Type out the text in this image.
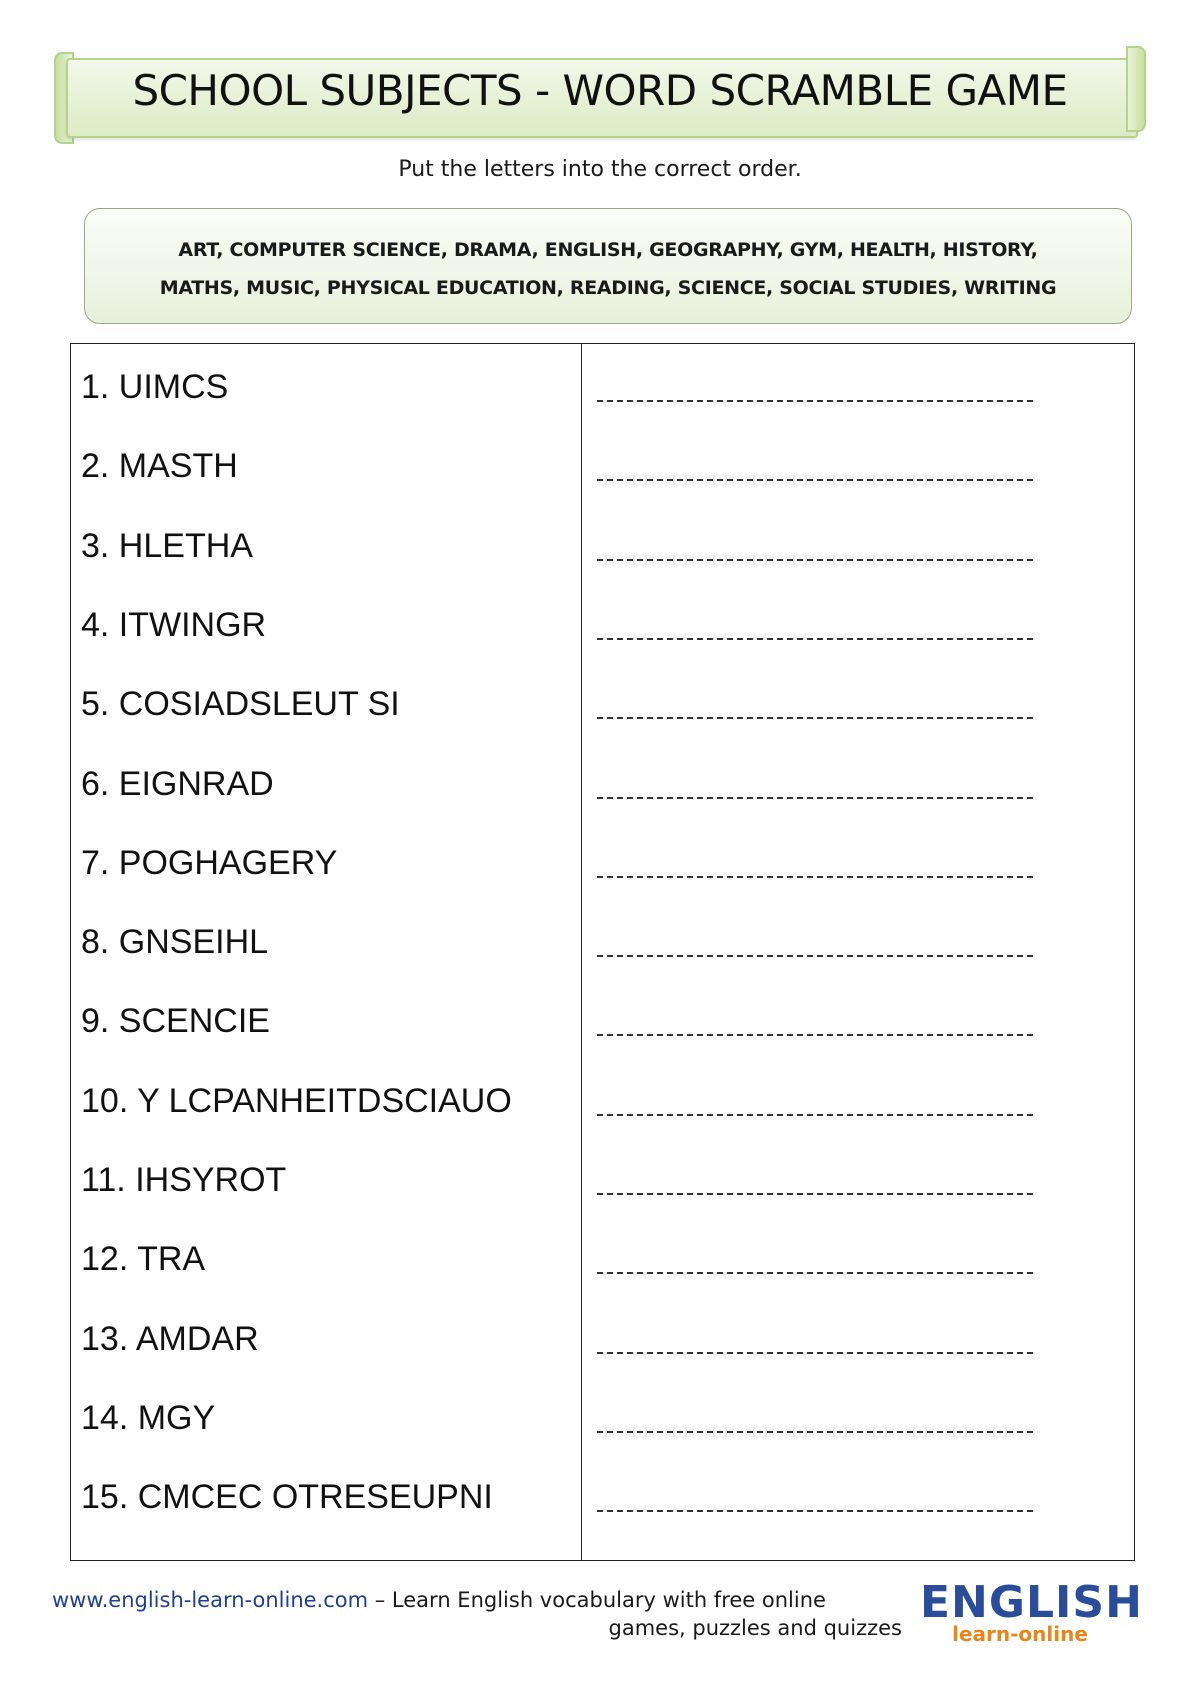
SCHOOL SUBJECTS - WORD SCRAMBLE GAME
Put the letters into the correct order.
ART, COMPUTER SCIENCE, DRAMA, ENGLISH, GEOGRAPHY, GYM, HEALTH, HISTORY,
MATHS, MUSIC, PHYSICAL EDUCATION, READING, SCIENCE, SOCIAL STUDIES, WRITING
1. UIMCS
2. MASTH
3. HLETHA
4. ITWINGR
5. COSIADSLEUT SI
6. EIGNRAD
7. POGHAGERY
8. GNSEIHL
9. SCENCIE
10. Y LCPANHEITDSCIAUO
11. IHSYROT
12. TRA
13. AMDAR
14. MGY
15. CMCEC OTRESEUPNI
www.english-learn-online.com – Learn English vocabulary with free online
games, puzzles and quizzes ENGLISH
learn-online
